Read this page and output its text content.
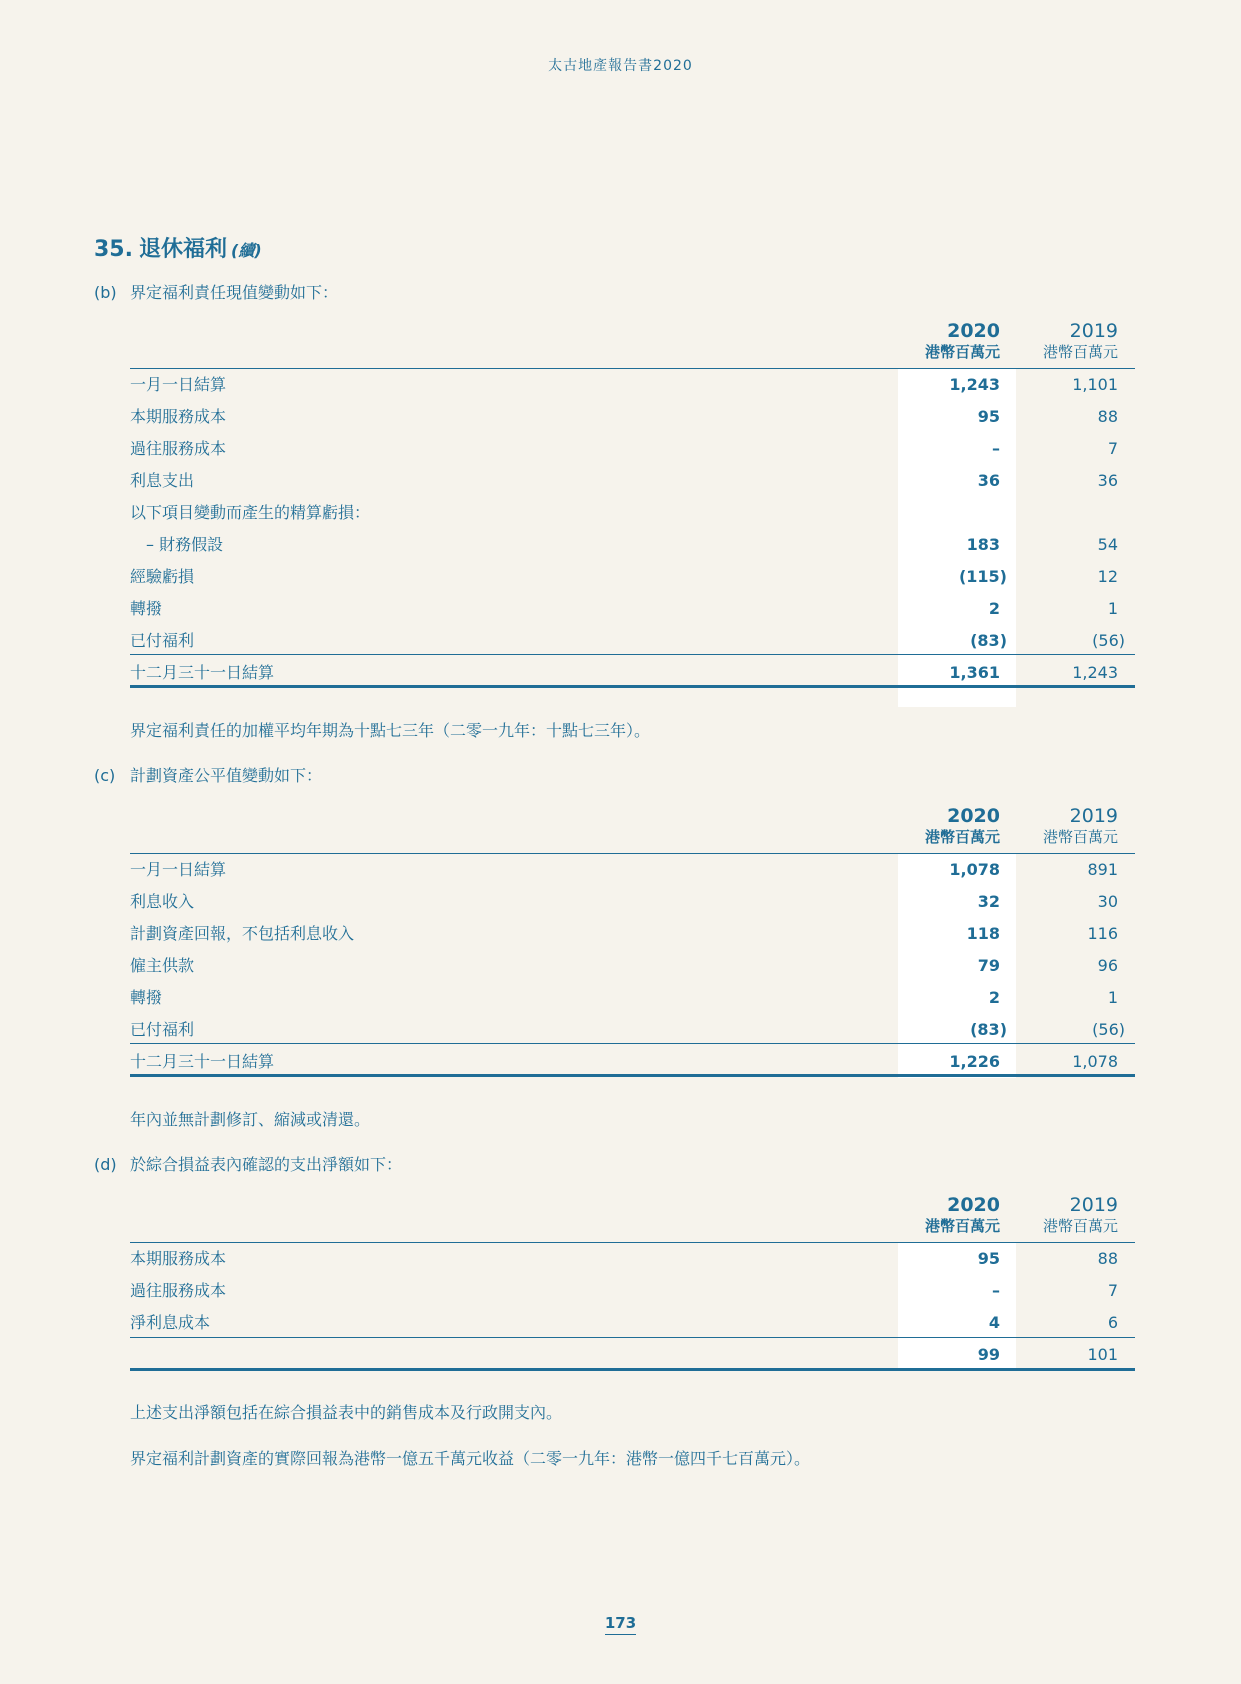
太古地產報告書2020
35. 退休福利 (續)
(b) 界定福利責任現值變動如下：
2020
港幣百萬元
2019
港幣百萬元
一月一日結算	1,243	1,101
本期服務成本	95	88
過往服務成本	–	7
利息支出	36	36
以下項目變動而產生的精算虧損：
– 財務假設	183	54
經驗虧損	(115)	12
轉撥	2	1
已付福利	(83)	(56)
十二月三十一日結算	1,361	1,243
界定福利責任的加權平均年期為十點七三年（二零一九年：十點七三年）。
(c) 計劃資產公平值變動如下：
2020
港幣百萬元
2019
港幣百萬元
一月一日結算	1,078	891
利息收入	32	30
計劃資產回報，不包括利息收入	118	116
僱主供款	79	96
轉撥	2	1
已付福利	(83)	(56)
十二月三十一日結算	1,226	1,078
年內並無計劃修訂、縮減或清還。
(d) 於綜合損益表內確認的支出淨額如下：
2020
港幣百萬元
2019
港幣百萬元
本期服務成本	95	88
過往服務成本	–	7
淨利息成本	4	6
99	101
上述支出淨額包括在綜合損益表中的銷售成本及行政開支內。
界定福利計劃資產的實際回報為港幣一億五千萬元收益（二零一九年：港幣一億四千七百萬元）。
173
